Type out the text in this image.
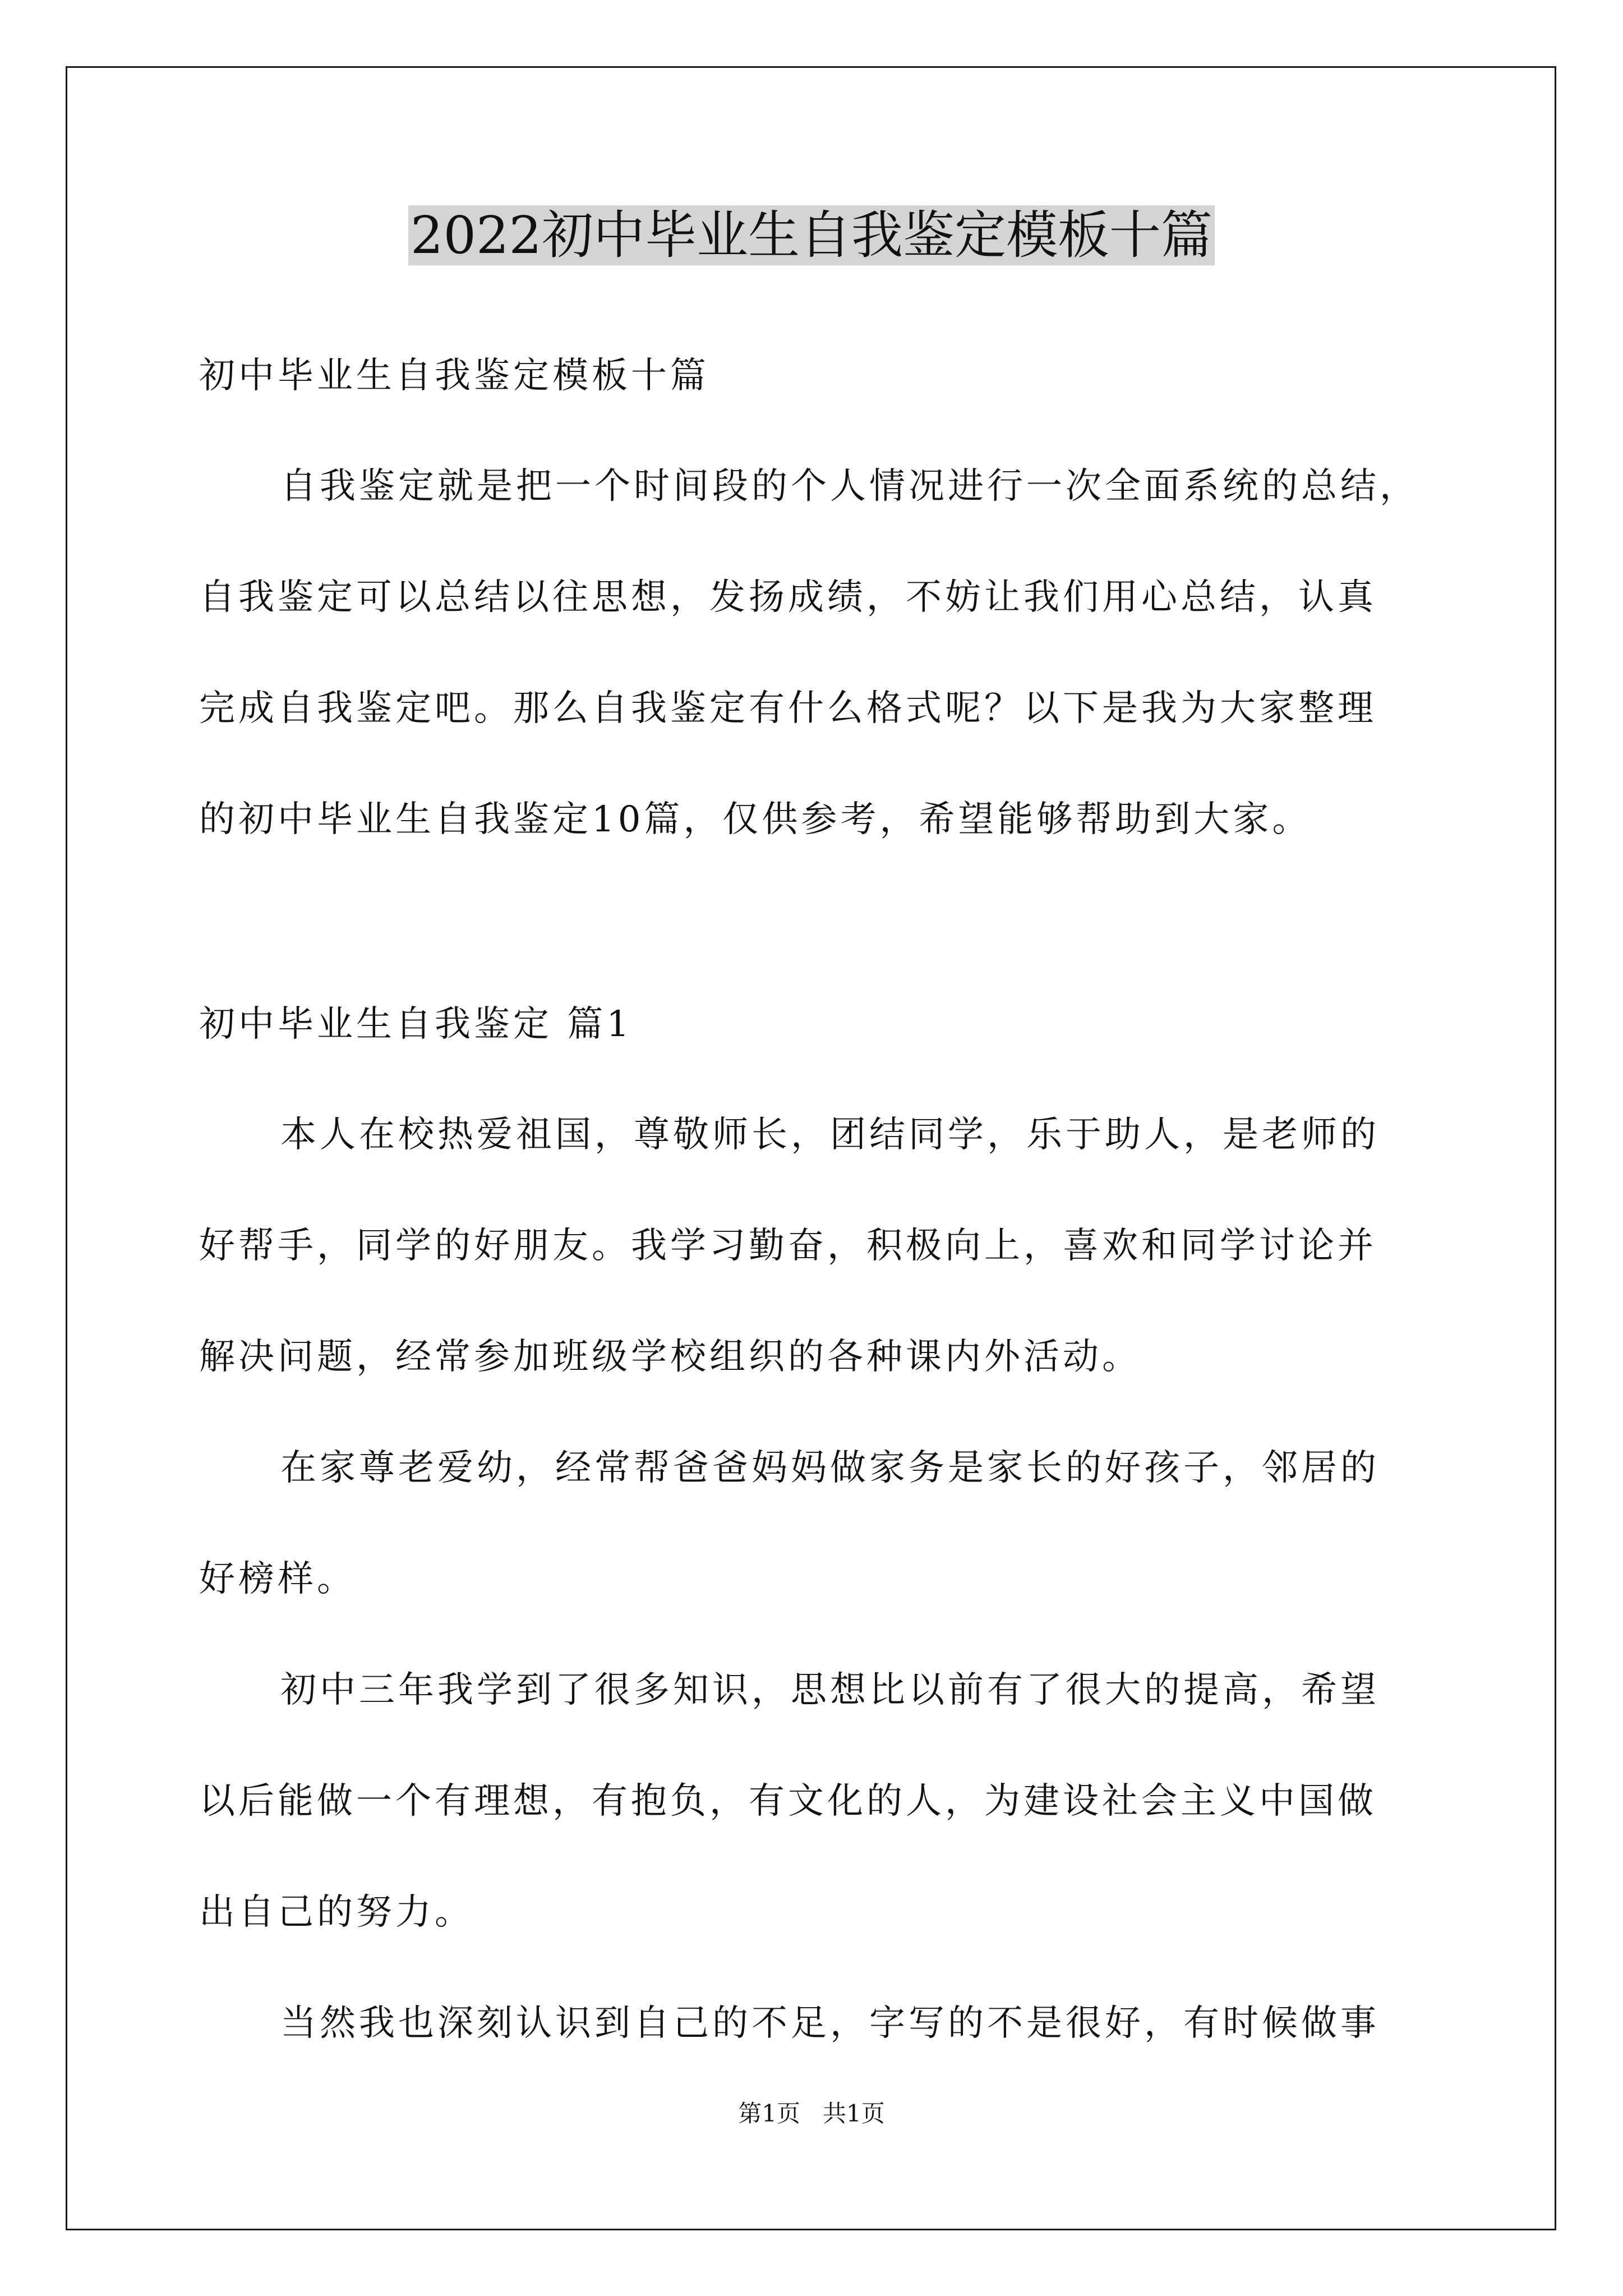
2022初中毕业生自我鉴定模板十篇
初中毕业生自我鉴定模板十篇
自我鉴定就是把一个时间段的个人情况进行一次全面系统的总结，
自我鉴定可以总结以往思想，发扬成绩，不妨让我们用心总结，认真
完成自我鉴定吧。那么自我鉴定有什么格式呢？以下是我为大家整理
的初中毕业生自我鉴定10篇，仅供参考，希望能够帮助到大家。
初中毕业生自我鉴定 篇1
本人在校热爱祖国，尊敬师长，团结同学，乐于助人，是老师的
好帮手，同学的好朋友。我学习勤奋，积极向上，喜欢和同学讨论并
解决问题，经常参加班级学校组织的各种课内外活动。
在家尊老爱幼，经常帮爸爸妈妈做家务是家长的好孩子，邻居的
好榜样。
初中三年我学到了很多知识，思想比以前有了很大的提高，希望
以后能做一个有理想，有抱负，有文化的人，为建设社会主义中国做
出自己的努力。
当然我也深刻认识到自己的不足，字写的不是很好，有时候做事
第1页   共1页
